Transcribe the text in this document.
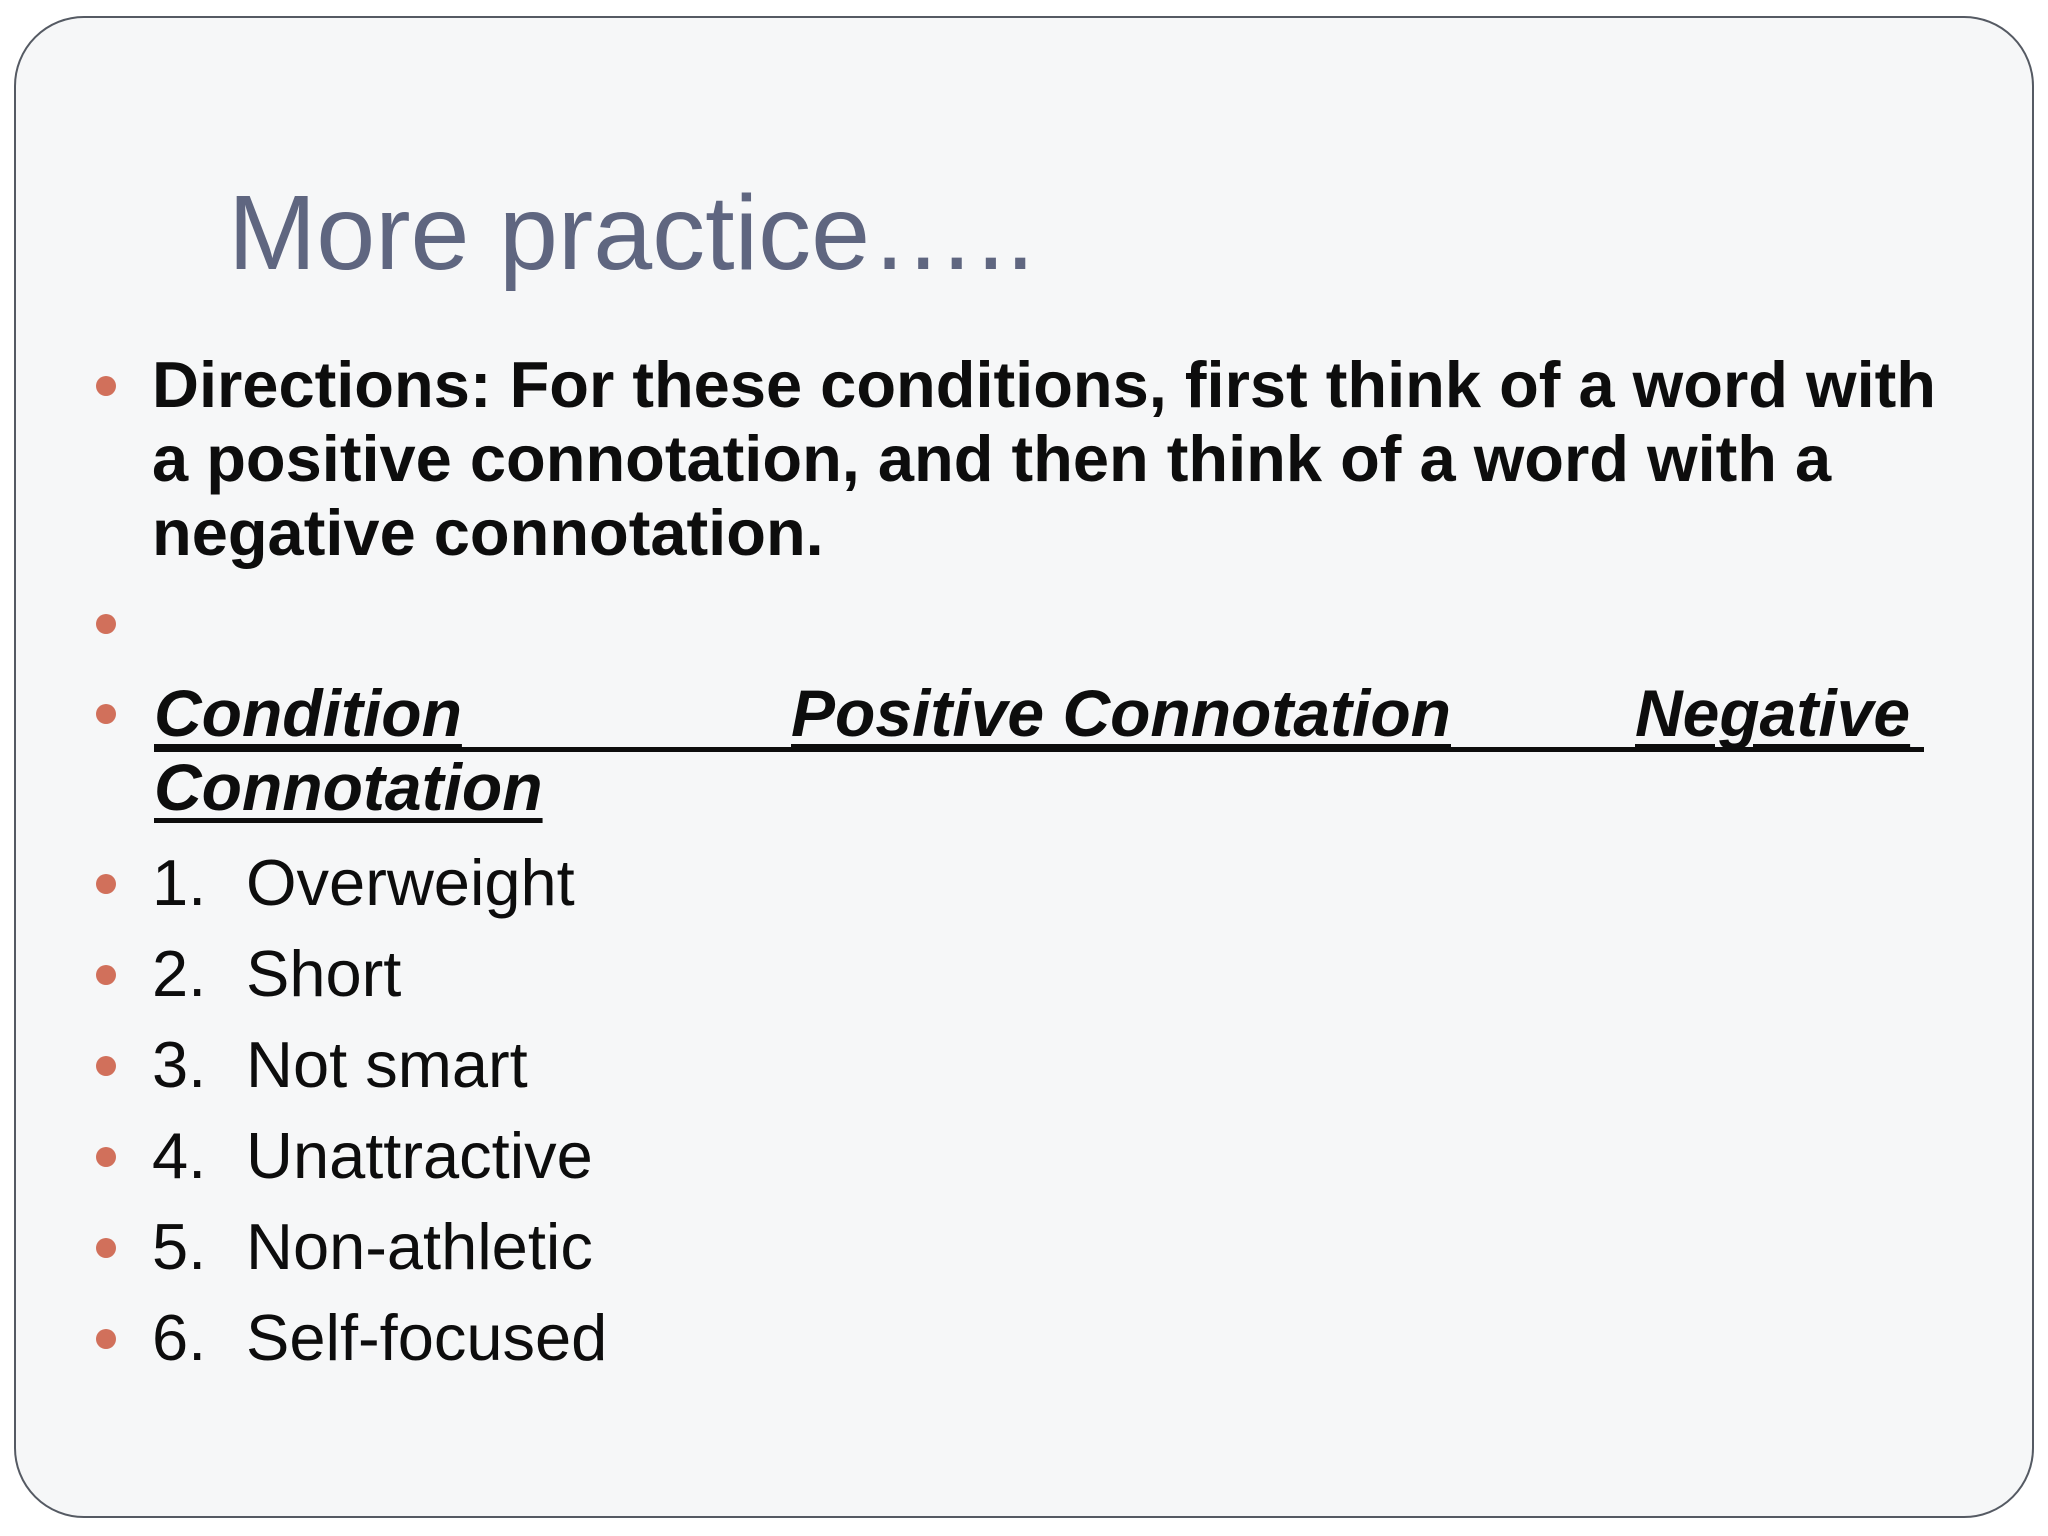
More practice…..
Directions: For these conditions, first think of a word with a positive connotation, and then think of a word with a negative connotation.
Condition	Positive Connotation	Negative
Connotation
1. Overweight
2. Short
3. Not smart
4. Unattractive
5. Non-athletic
6. Self-focused
